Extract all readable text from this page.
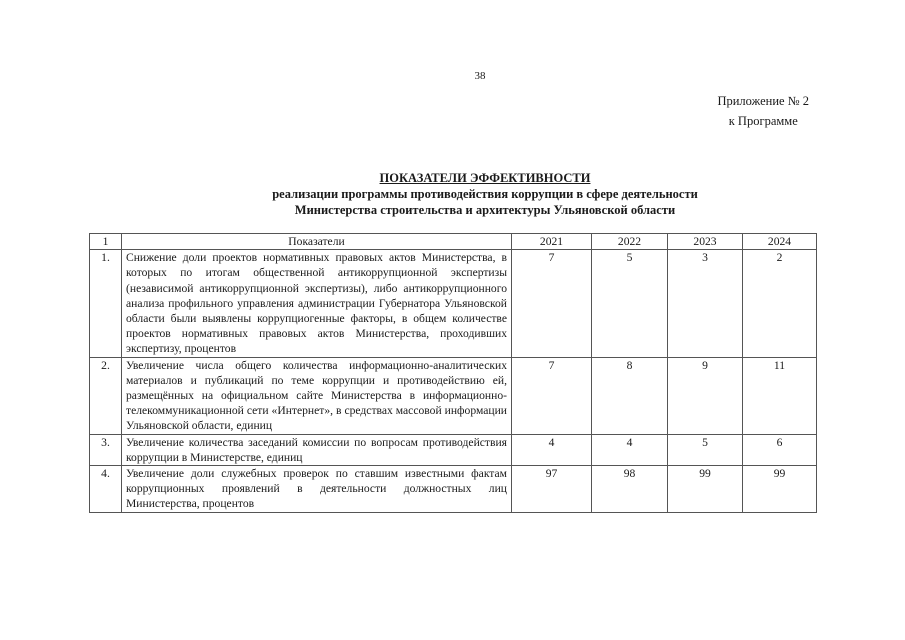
38
Приложение № 2
к Программе
ПОКАЗАТЕЛИ ЭФФЕКТИВНОСТИ
реализации программы противодействия коррупции в сфере деятельности
Министерства строительства и архитектуры Ульяновской области
1	Показатели	2021	2022	2023	2024
1.	Снижение доли проектов нормативных правовых актов Министерства, в которых по итогам общественной антикоррупционной экспертизы (независимой антикоррупционной экспертизы), либо антикоррупционного анализа профильного управления администрации Губернатора Ульяновской области были выявлены коррупциогенные факторы, в общем количестве проектов нормативных правовых актов Министерства, проходивших экспертизу, процентов	7	5	3	2
2.	Увеличение числа общего количества информационно-аналитических материалов и публикаций по теме коррупции и противодействию ей, размещённых на официальном сайте Министерства в информационно-телекоммуникационной сети «Интернет», в средствах массовой информации Ульяновской области, единиц	7	8	9	11
3.	Увеличение количества заседаний комиссии по вопросам противодействия коррупции в Министерстве, единиц	4	4	5	6
4.	Увеличение доли служебных проверок по ставшим известными фактам коррупционных проявлений в деятельности должностных лиц Министерства, процентов	97	98	99	99
